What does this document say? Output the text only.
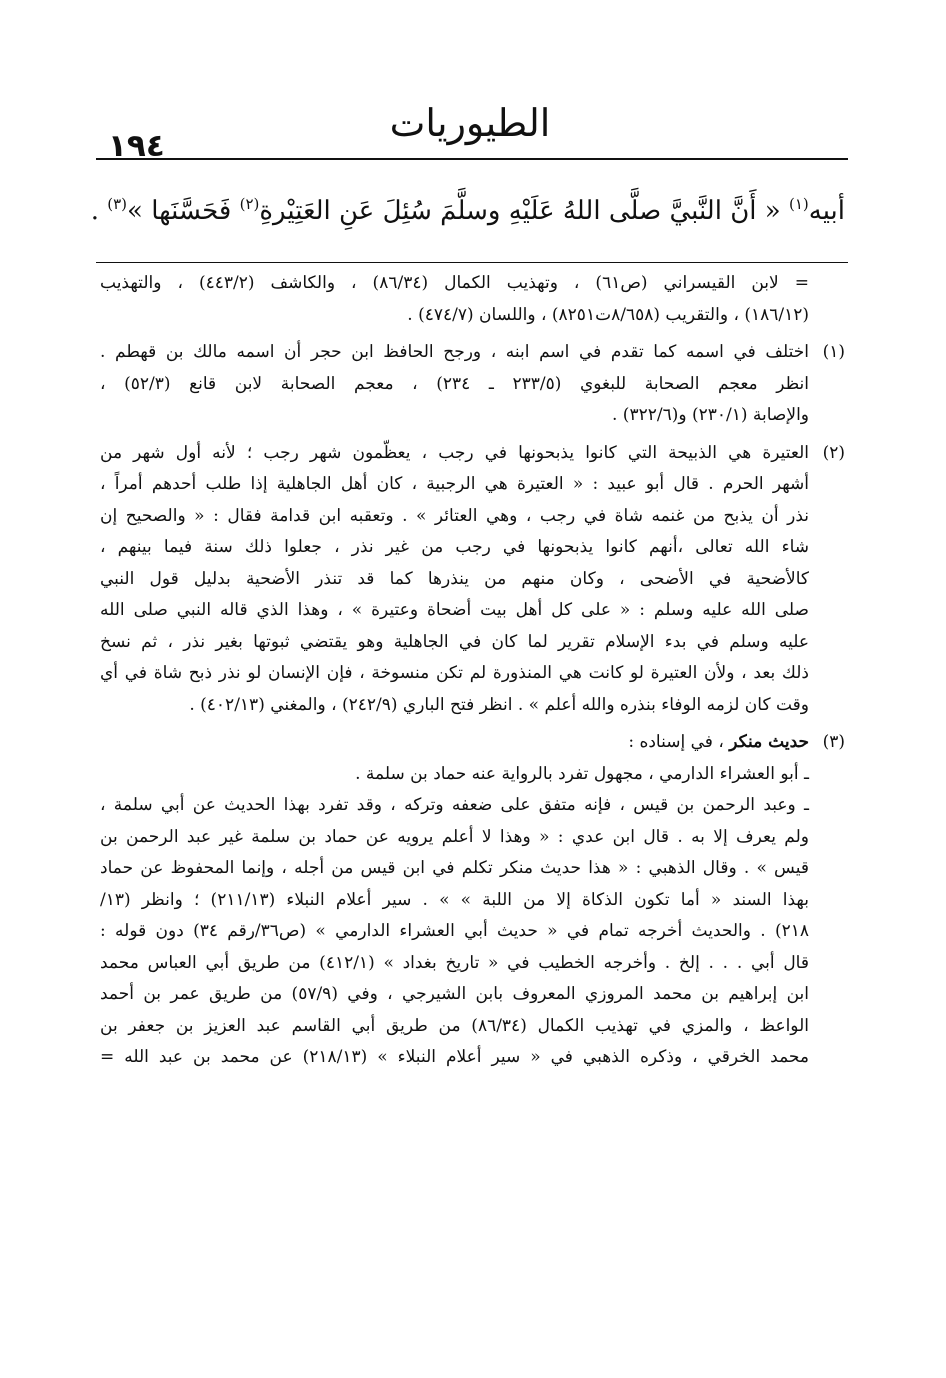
الطيوريات
١٩٤
أبيه$^{(١)}$ « أَنَّ النَّبيَّ صلَّى اللهُ عَلَيْهِ وسلَّمَ سُئِلَ عَنِ العَتِيْرةِ$^{(٢)}$ فَحَسَّنَها »$^{(٣)}$ .
= لابن القيسراني (ص٦١) ، وتهذيب الكمال (٨٦/٣٤) ، والكاشف (٤٤٣/٢) ، والتهذيب
(١٨٦/١٢) ، والتقريب (٨/٦٥٨ت٨٢٥١) ، واللسان (٤٧٤/٧) .
(١)
اختلف في اسمه كما تقدم في اسم ابنه ، ورجح الحافظ ابن حجر أن اسمه مالك بن قهطم .
انظر معجم الصحابة للبغوي (٢٣٣/٥ ـ ٢٣٤) ، معجم الصحابة لابن قانع (٥٢/٣) ،
والإصابة (٢٣٠/١) و(٣٢٢/٦) .
(٢)
العتيرة هي الذبيحة التي كانوا يذبحونها في رجب ، يعظّمون شهر رجب ؛ لأنه أول شهر من
أشهر الحرم . قال أبو عبيد : « العتيرة هي الرجبية ، كان أهل الجاهلية إذا طلب أحدهم أمراً ،
نذر أن يذبح من غنمه شاة في رجب ، وهي العتائر » . وتعقبه ابن قدامة فقال : « والصحيح إن
شاء الله تعالى ،أنهم كانوا يذبحونها في رجب من غير نذر ، جعلوا ذلك سنة فيما بينهم ،
كالأضحية في الأضحى ، وكان منهم من ينذرها كما قد تنذر الأضحية بدليل قول النبي
صلى الله عليه وسلم : « على كل أهل بيت أضحاة وعتيرة » ، وهذا الذي قاله النبي صلى الله
عليه وسلم في بدء الإسلام تقرير لما كان في الجاهلية وهو يقتضي ثبوتها بغير نذر ، ثم نسخ
ذلك بعد ، ولأن العتيرة لو كانت هي المنذورة لم تكن منسوخة ، فإن الإنسان لو نذر ذبح شاة في أي
وقت كان لزمه الوفاء بنذره والله أعلم » . انظر فتح الباري (٢٤٢/٩) ، والمغني (٤٠٢/١٣) .
(٣)
حديث منكر ، في إسناده :
ـ أبو العشراء الدارمي ، مجهول تفرد بالرواية عنه حماد بن سلمة .
ـ وعبد الرحمن بن قيس ، فإنه متفق على ضعفه وتركه ، وقد تفرد بهذا الحديث عن أبي سلمة ،
ولم يعرف إلا به . قال ابن عدي : « وهذا لا أعلم يرويه عن حماد بن سلمة غير عبد الرحمن بن
قيس » . وقال الذهبي : « هذا حديث منكر تكلم في ابن قيس من أجله ، وإنما المحفوظ عن حماد
بهذا السند « أما تكون الذكاة إلا من اللبة » » . سير أعلام النبلاء (٢١١/١٣) ؛ وانظر (١٣/
٢١٨) . والحديث أخرجه تمام في « حديث أبي العشراء الدارمي » (ص٣٦/رقم ٣٤) دون قوله :
قال أبي . . . إلخ . وأخرجه الخطيب في « تاريخ بغداد » (٤١٢/١) من طريق أبي العباس محمد
ابن إبراهيم بن محمد المروزي المعروف بابن الشيرجي ، وفي (٥٧/٩) من طريق عمر بن أحمد
الواعظ ، والمزي في تهذيب الكمال (٨٦/٣٤) من طريق أبي القاسم عبد العزيز بن جعفر بن
محمد الخرقي ، وذكره الذهبي في « سير أعلام النبلاء » (٢١٨/١٣) عن محمد بن عبد الله =
